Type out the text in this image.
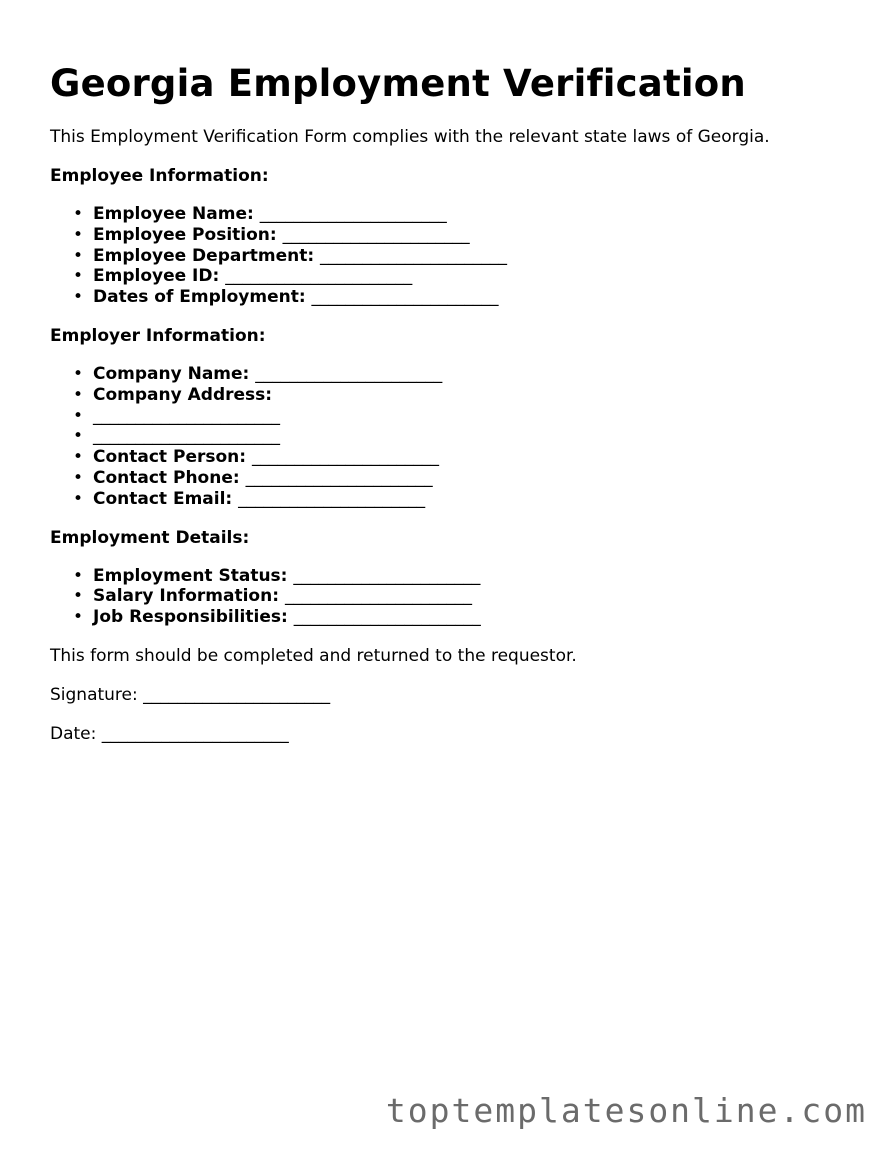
Georgia Employment Verification

This Employment Verification Form complies with the relevant state laws of Georgia.

Employee Information:

• Employee Name: ______________________
• Employee Position: ______________________
• Employee Department: ______________________
• Employee ID: ______________________
• Dates of Employment: ______________________

Employer Information:

• Company Name: ______________________
• Company Address:
• ______________________
• ______________________
• Contact Person: ______________________
• Contact Phone: ______________________
• Contact Email: ______________________

Employment Details:

• Employment Status: ______________________
• Salary Information: ______________________
• Job Responsibilities: ______________________

This form should be completed and returned to the requestor.

Signature: ______________________

Date: ______________________

toptemplatesonline.com
